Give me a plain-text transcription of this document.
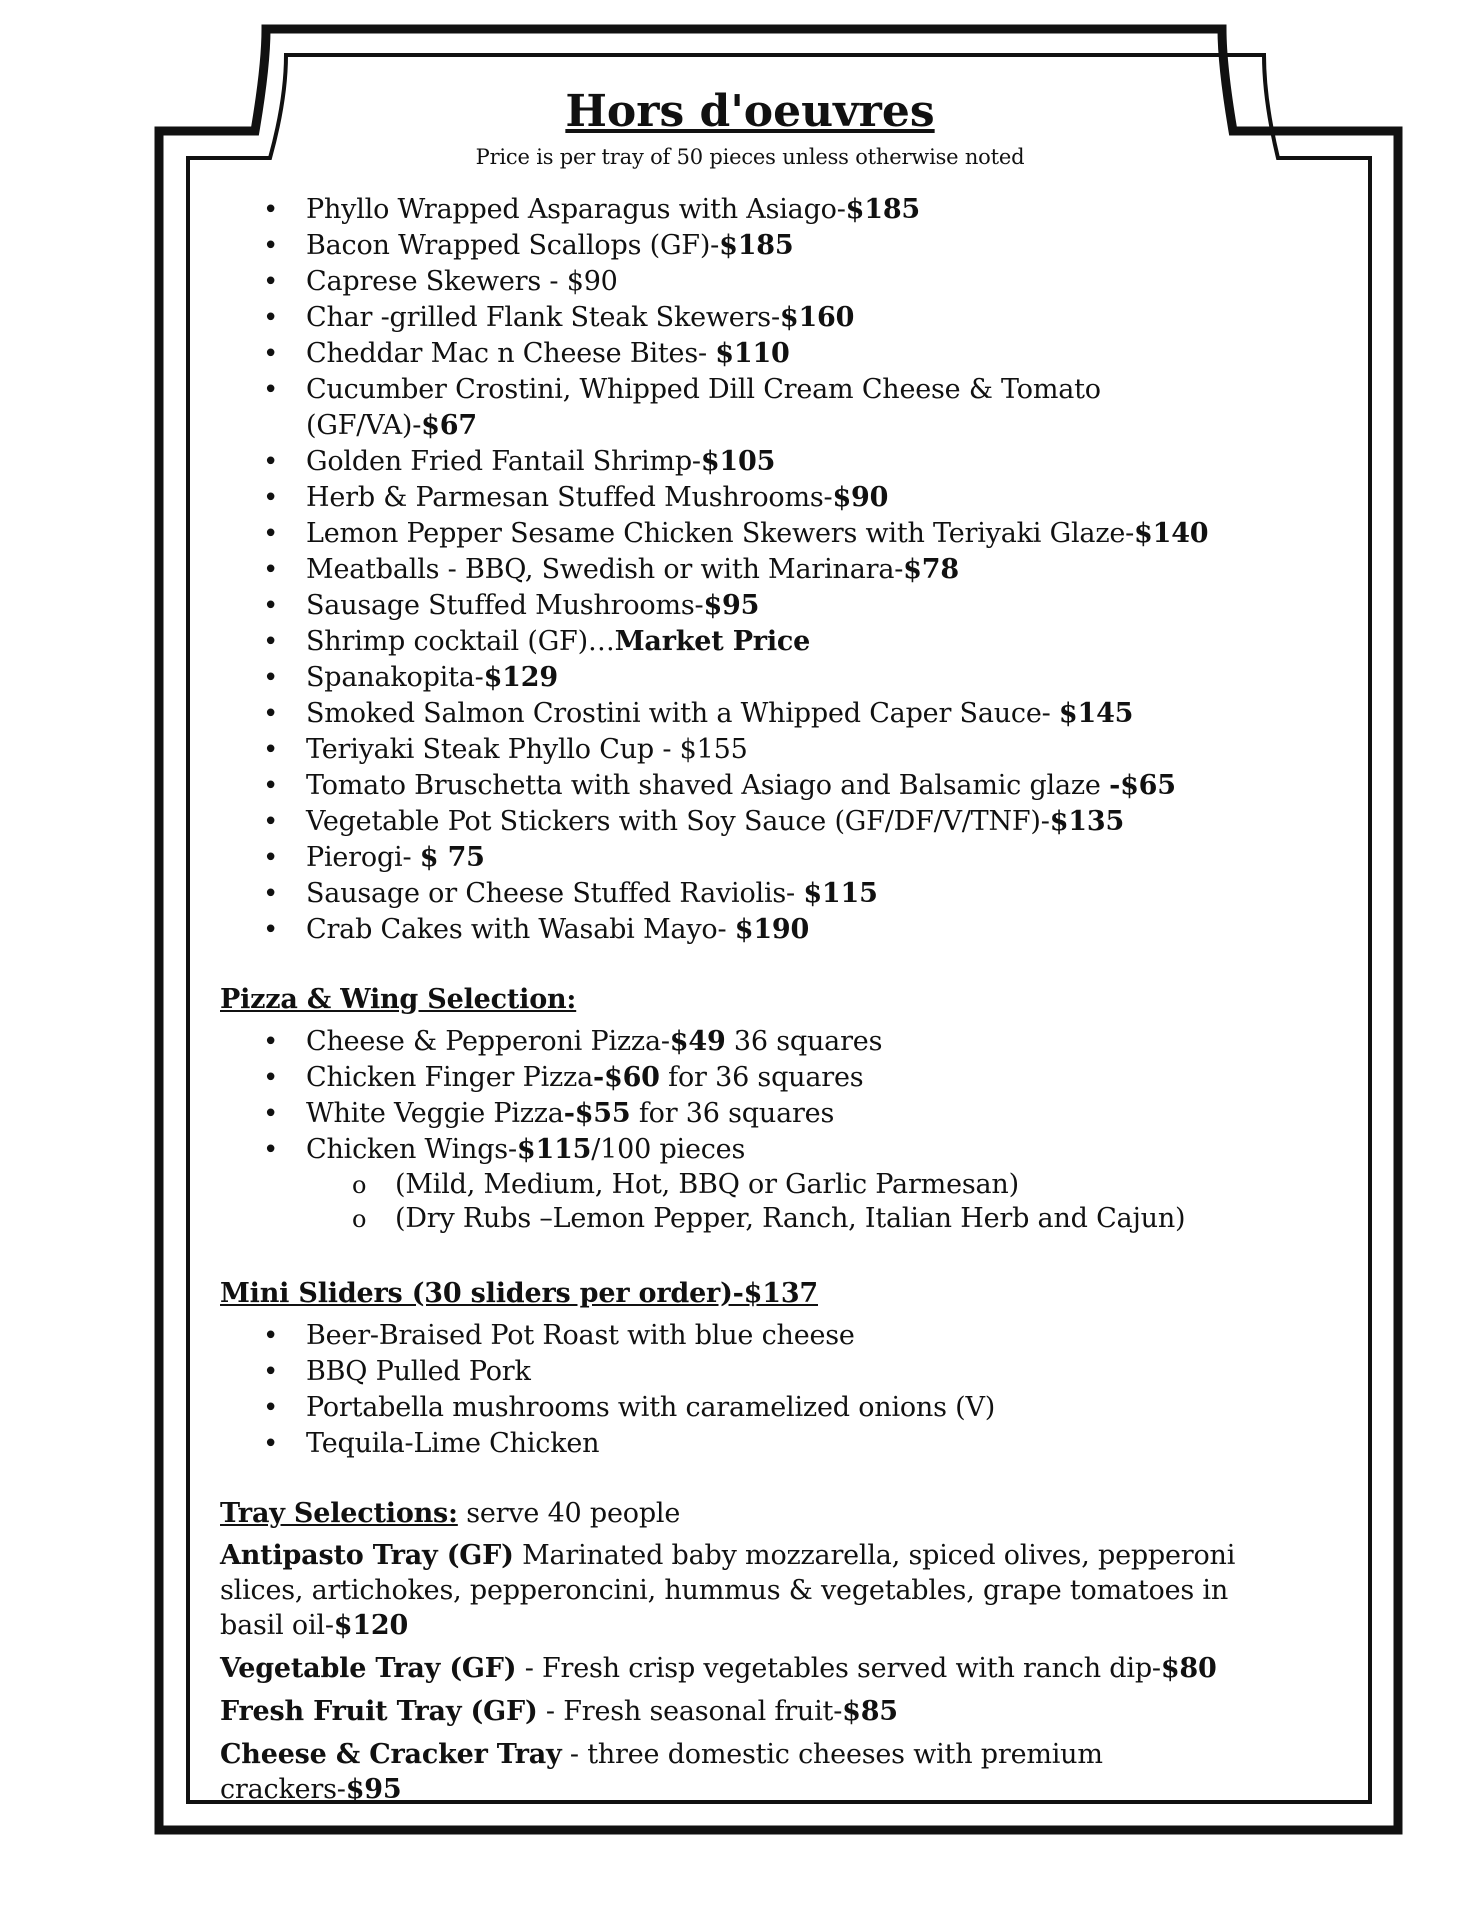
Hors d'oeuvres
Price is per tray of 50 pieces unless otherwise noted
• Phyllo Wrapped Asparagus with Asiago-$185
• Bacon Wrapped Scallops (GF)-$185
• Caprese Skewers - $90
• Char -grilled Flank Steak Skewers-$160
• Cheddar Mac n Cheese Bites- $110
• Cucumber Crostini, Whipped Dill Cream Cheese & Tomato (GF/VA)-$67
• Golden Fried Fantail Shrimp-$105
• Herb & Parmesan Stuffed Mushrooms-$90
• Lemon Pepper Sesame Chicken Skewers with Teriyaki Glaze-$140
• Meatballs - BBQ, Swedish or with Marinara-$78
• Sausage Stuffed Mushrooms-$95
• Shrimp cocktail (GF)…Market Price
• Spanakopita-$129
• Smoked Salmon Crostini with a Whipped Caper Sauce- $145
• Teriyaki Steak Phyllo Cup - $155
• Tomato Bruschetta with shaved Asiago and Balsamic glaze -$65
• Vegetable Pot Stickers with Soy Sauce (GF/DF/V/TNF)-$135
• Pierogi- $ 75
• Sausage or Cheese Stuffed Raviolis- $115
• Crab Cakes with Wasabi Mayo- $190
Pizza & Wing Selection:
• Cheese & Pepperoni Pizza-$49 36 squares
• Chicken Finger Pizza-$60 for 36 squares
• White Veggie Pizza-$55 for 36 squares
• Chicken Wings-$115/100 pieces
o (Mild, Medium, Hot, BBQ or Garlic Parmesan)
o (Dry Rubs –Lemon Pepper, Ranch, Italian Herb and Cajun)
Mini Sliders (30 sliders per order)-$137
• Beer-Braised Pot Roast with blue cheese
• BBQ Pulled Pork
• Portabella mushrooms with caramelized onions (V)
• Tequila-Lime Chicken
Tray Selections: serve 40 people
Antipasto Tray (GF) Marinated baby mozzarella, spiced olives, pepperoni slices, artichokes, pepperoncini, hummus & vegetables, grape tomatoes in basil oil-$120
Vegetable Tray (GF) - Fresh crisp vegetables served with ranch dip-$80
Fresh Fruit Tray (GF) - Fresh seasonal fruit-$85
Cheese & Cracker Tray - three domestic cheeses with premium crackers-$95
